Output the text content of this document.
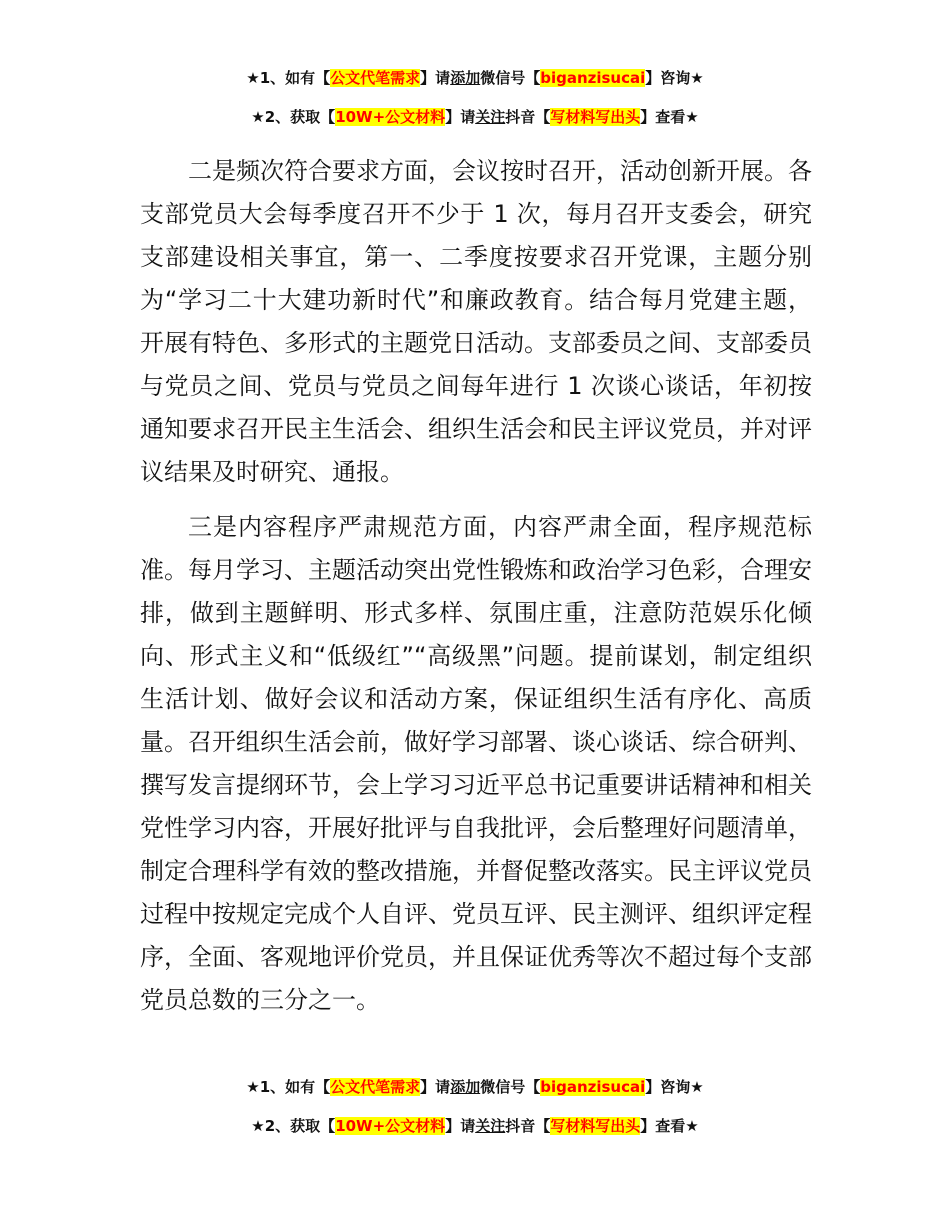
★1、如有【公文代笔需求】请添加微信号【biganzisucai】咨询★
★2、获取【10W+公文材料】请关注抖音【写材料写出头】查看★

二是频次符合要求方面，会议按时召开，活动创新开展。各支部党员大会每季度召开不少于 1 次，每月召开支委会，研究支部建设相关事宜，第一、二季度按要求召开党课，主题分别为“学习二十大建功新时代”和廉政教育。结合每月党建主题，开展有特色、多形式的主题党日活动。支部委员之间、支部委员与党员之间、党员与党员之间每年进行 1 次谈心谈话，年初按通知要求召开民主生活会、组织生活会和民主评议党员，并对评议结果及时研究、通报。

三是内容程序严肃规范方面，内容严肃全面，程序规范标准。每月学习、主题活动突出党性锻炼和政治学习色彩，合理安排，做到主题鲜明、形式多样、氛围庄重，注意防范娱乐化倾向、形式主义和“低级红”“高级黑”问题。提前谋划，制定组织生活计划、做好会议和活动方案，保证组织生活有序化、高质量。召开组织生活会前，做好学习部署、谈心谈话、综合研判、撰写发言提纲环节，会上学习习近平总书记重要讲话精神和相关党性学习内容，开展好批评与自我批评，会后整理好问题清单，制定合理科学有效的整改措施，并督促整改落实。民主评议党员过程中按规定完成个人自评、党员互评、民主测评、组织评定程序，全面、客观地评价党员，并且保证优秀等次不超过每个支部党员总数的三分之一。

★1、如有【公文代笔需求】请添加微信号【biganzisucai】咨询★
★2、获取【10W+公文材料】请关注抖音【写材料写出头】查看★
